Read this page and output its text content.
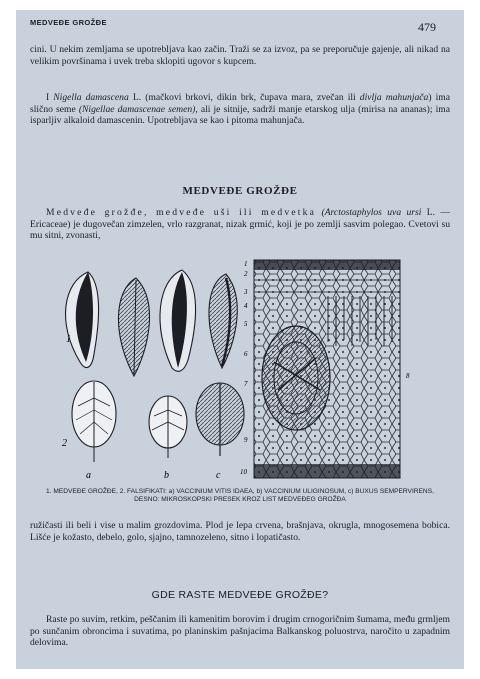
MEDVEĐE GROŽĐE	479

cini. U nekim zemljama se upotrebljava kao začin. Traži se za izvoz, pa se preporučuje gajenje, ali nikad na velikim površinama i uvek treba sklopiti ugovor s kupcem.

I Nigella damascena L. (mačkovi brkovi, dikin brk, čupava mara, zvečan ili divlja mahunjača) ima slično seme (Nigellae damascenae semen), ali je sitnije, sadrži manje etarskog ulja (mirisa na ananas); ima isparljiv alkaloid damascenin. Upotrebljava se kao i pitoma mahunjača.

MEDVEĐE GROŽĐE

Medveđe grožđe, medveđe uši ili medvetka (Arctostaphylos uva ursi L. — Ericaceae) je dugovečan zimzelen, vrlo razgranat, nizak grmić, koji je po zemlji sasvim polegao. Cvetovi su mu sitni, zvonasti,

1
2
a	b	c
1
2
3
4
5
6
7
8
9
10
1. MEDVEĐE GROŽĐE, 2. FALSIFIKATI: a) VACCINIUM VITIS IDAEA, b) VACCINIUM ULIGINOSUM, c) BUXUS SEMPERVIRENS, DESNO: MIKROSKOPSKI PRESEK KROZ LIST MEDVEĐEG GROŽĐA

ružičasti ili beli i vise u malim grozdovima. Plod je lepa crvena, brašnjava, okrugla, mnogosemena bobica. Lišće je kožasto, debelo, golo, sjajno, tamnozeleno, sitno i lopatičasto.

GDE RASTE MEDVEĐE GROŽĐE?

Raste po suvim, retkim, peščanim ili kamenitim borovim i drugim crnogoričnim šumama, među grmljem po sunčanim obroncima i suvatima, po planinskim pašnjacima Balkanskog poluostrva, naročito u zapadnim delovima.
